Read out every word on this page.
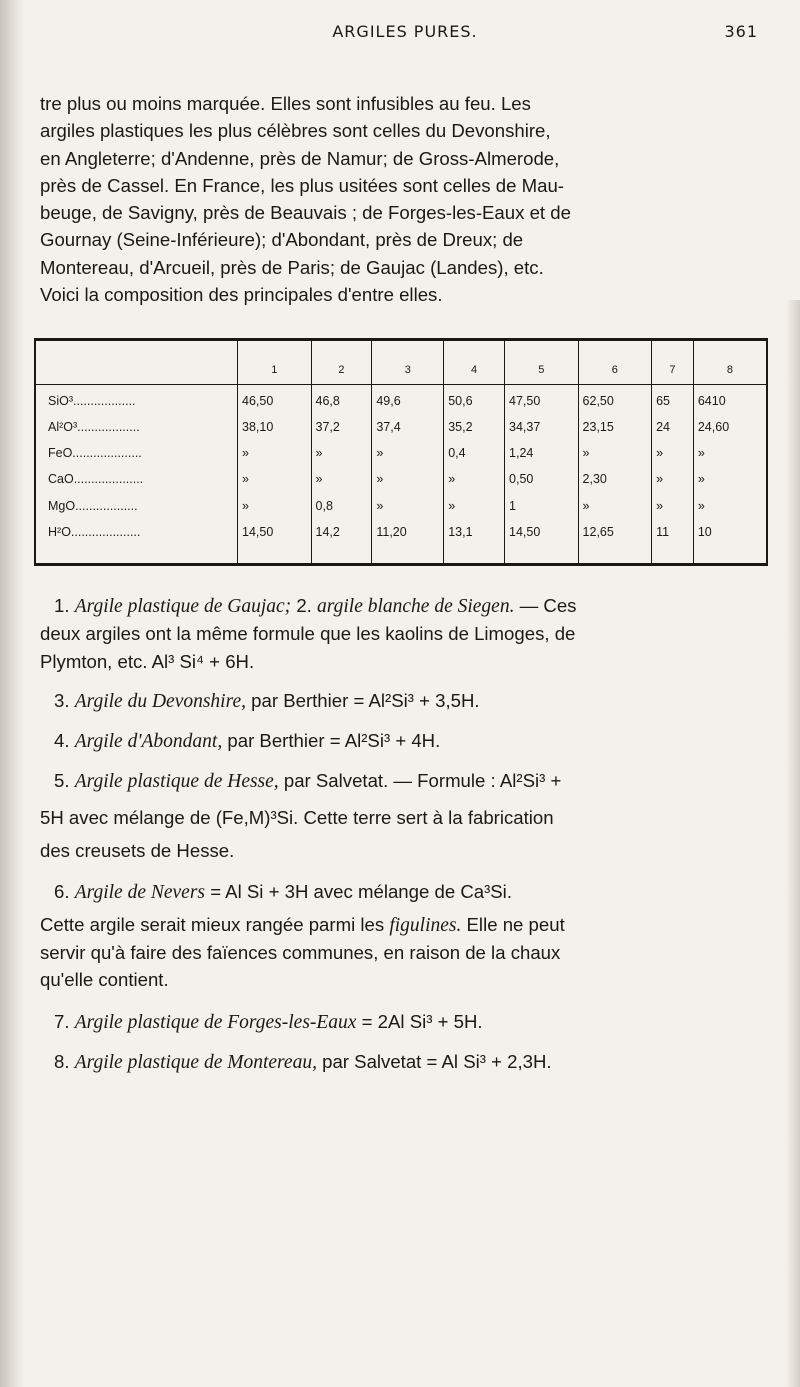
ARGILES PURES.	361
tre plus ou moins marquée. Elles sont infusibles au feu. Les
argiles plastiques les plus célèbres sont celles du Devonshire,
en Angleterre; d'Andenne, près de Namur; de Gross-Almerode,
près de Cassel. En France, les plus usitées sont celles de Mau-
beuge, de Savigny, près de Beauvais ; de Forges-les-Eaux et de
Gournay (Seine-Inférieure); d'Abondant, près de Dreux; de
Montereau, d'Arcueil, près de Paris; de Gaujac (Landes), etc.
Voici la composition des principales d'entre elles.
	1	2	3	4	5	6	7	8

SiO³..................	46,50	46,8	49,6	50,6	47,50	62,50	65	6410
Al²O³..................	38,10	37,2	37,4	35,2	34,37	23,15	24	24,60
FeO....................	»	»	»	0,4	1,24	»	»	»
CaO....................	»	»	»	»	0,50	2,30	»	»
MgO..................	»	0,8	»	»	1	»	»	»
H²O....................	14,50	14,2	11,20	13,1	14,50	12,65	11	10

1. Argile plastique de Gaujac; 2. argile blanche de Siegen. — Ces
deux argiles ont la même formule que les kaolins de Limoges, de
Plymton, etc. Al³ Si⁴ + 6H.
3. Argile du Devonshire, par Berthier = Al²Si³ + 3,5H.
4. Argile d'Abondant, par Berthier = Al²Si³ + 4H.
5. Argile plastique de Hesse, par Salvetat. — Formule : Al²Si³ +
5H avec mélange de (Fe,M)³Si. Cette terre sert à la fabrication
des creusets de Hesse.
6. Argile de Nevers = Al Si + 3H avec mélange de Ca³Si.
Cette argile serait mieux rangée parmi les figulines. Elle ne peut
servir qu'à faire des faïences communes, en raison de la chaux
qu'elle contient.
7. Argile plastique de Forges-les-Eaux = 2Al Si³ + 5H.
8. Argile plastique de Montereau, par Salvetat = Al Si³ + 2,3H.
